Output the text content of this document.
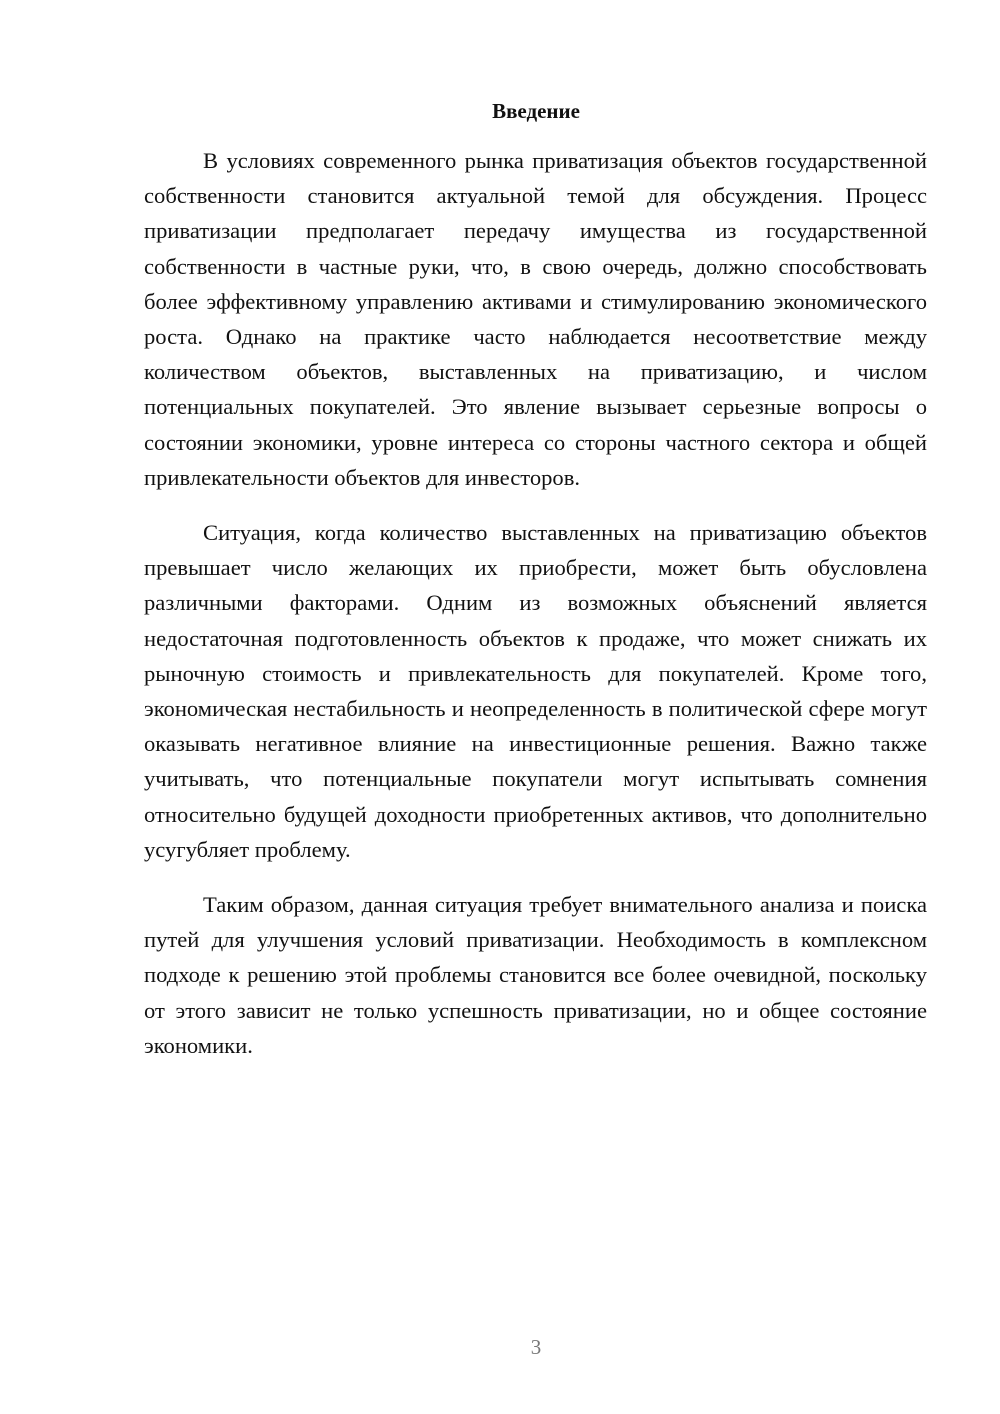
Введение

В условиях современного рынка приватизация объектов государственной собственности становится актуальной темой для обсуждения. Процесс приватизации предполагает передачу имущества из государственной собственности в частные руки, что, в свою очередь, должно способствовать более эффективному управлению активами и стимулированию экономического роста. Однако на практике часто наблюдается несоответствие между количеством объектов, выставленных на приватизацию, и числом потенциальных покупателей. Это явление вызывает серьезные вопросы о состоянии экономики, уровне интереса со стороны частного сектора и общей привлекательности объектов для инвесторов.

Ситуация, когда количество выставленных на приватизацию объектов превышает число желающих их приобрести, может быть обусловлена различными факторами. Одним из возможных объяснений является недостаточная подготовленность объектов к продаже, что может снижать их рыночную стоимость и привлекательность для покупателей. Кроме того, экономическая нестабильность и неопределенность в политической сфере могут оказывать негативное влияние на инвестиционные решения. Важно также учитывать, что потенциальные покупатели могут испытывать сомнения относительно будущей доходности приобретенных активов, что дополнительно усугубляет проблему.

Таким образом, данная ситуация требует внимательного анализа и поиска путей для улучшения условий приватизации. Необходимость в комплексном подходе к решению этой проблемы становится все более очевидной, поскольку от этого зависит не только успешность приватизации, но и общее состояние экономики.

3
